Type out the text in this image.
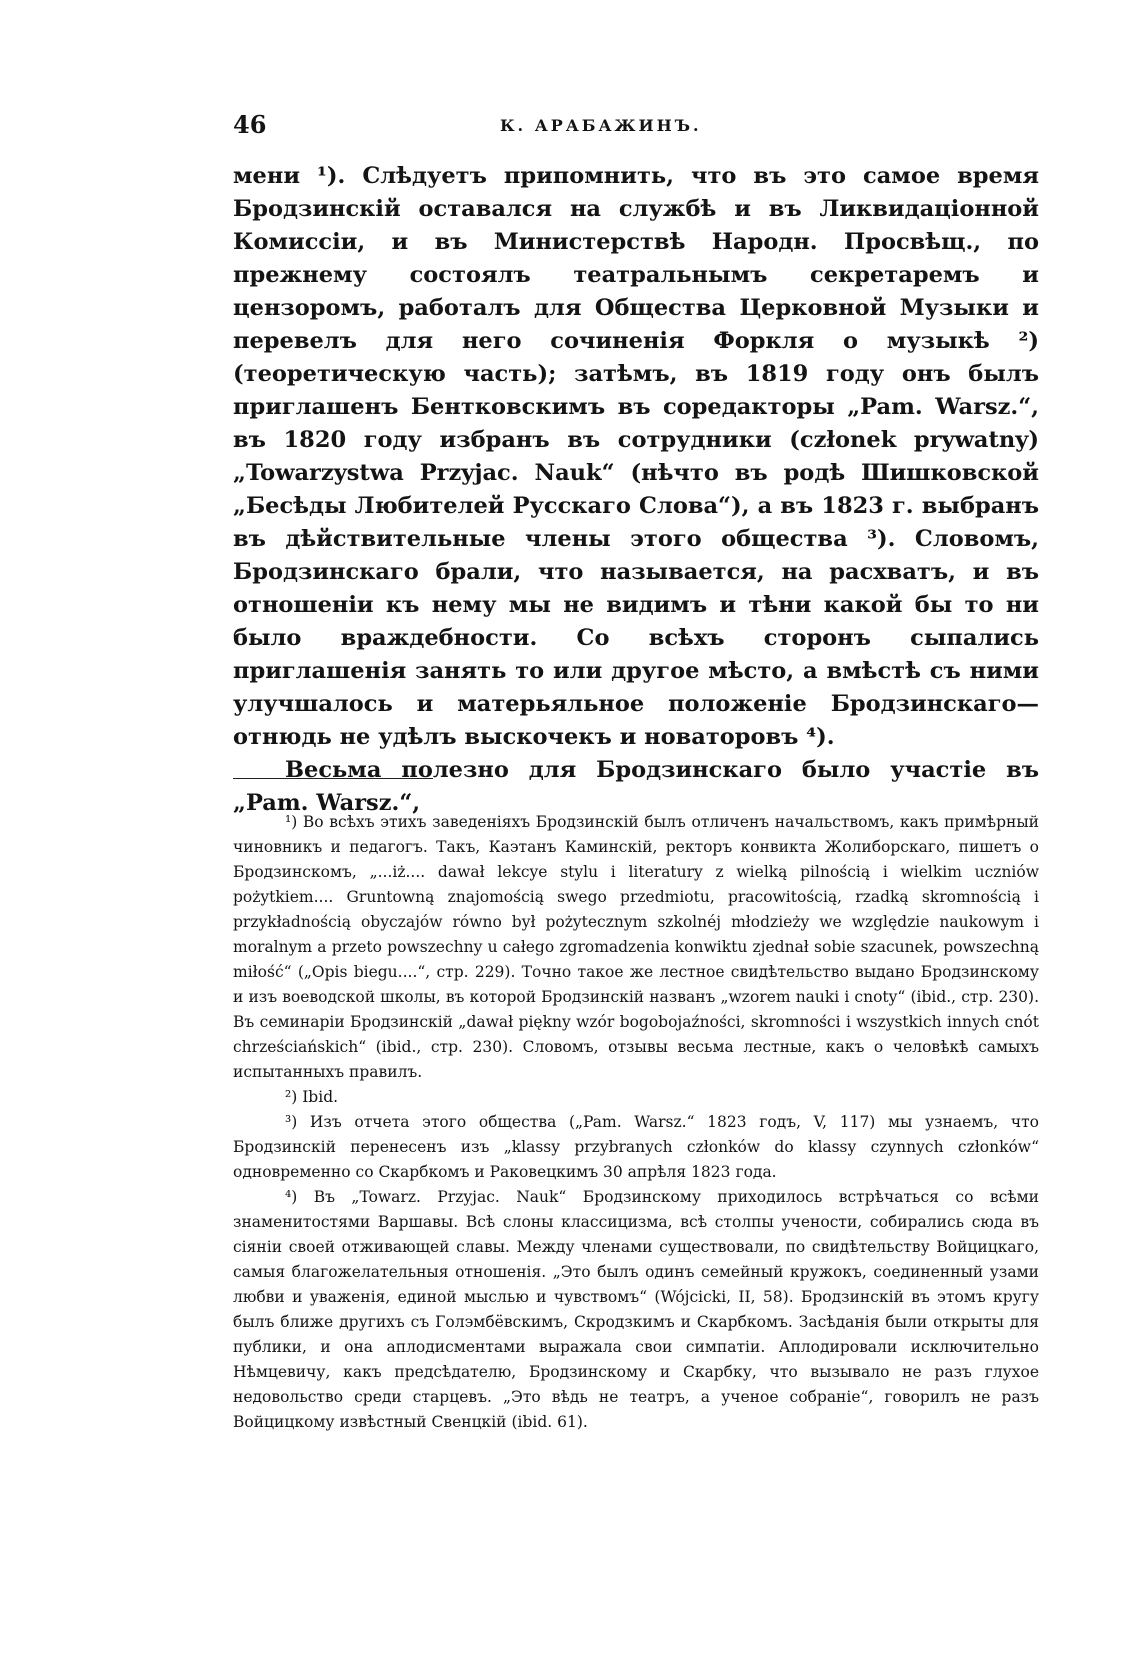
46	К. АРАБАЖИНЪ.

мени ¹). Слѣдуетъ припомнить, что въ это самое время Бродзинскій оставался на службѣ и въ Ликвидаціонной Комиссіи, и въ Министерствѣ Народн. Просвѣщ., по прежнему состоялъ театральнымъ секретаремъ и цензоромъ, работалъ для Общества Церковной Музыки и перевелъ для него сочиненія Форкля о музыкѣ ²) (теоретическую часть); затѣмъ, въ 1819 году онъ былъ приглашенъ Бентковскимъ въ соредакторы „Pam. Warsz.“, въ 1820 году избранъ въ сотрудники (członek prywatny) „Towarzystwa Przyjac. Nauk“ (нѣчто въ родѣ Шишковской „Бесѣды Любителей Русскаго Слова“), а въ 1823 г. выбранъ въ дѣйствительные члены этого общества ³). Словомъ, Бродзинскаго брали, что называется, на расхватъ, и въ отношеніи къ нему мы не видимъ и тѣни какой бы то ни было враждебности. Со всѣхъ сторонъ сыпались приглашенія занять то или другое мѣсто, а вмѣстѣ съ ними улучшалось и матерьяльное положеніе Бродзинскаго—отнюдь не удѣлъ выскочекъ и новаторовъ ⁴).

Весьма полезно для Бродзинскаго было участіе въ „Pam. Warsz.“,

¹) Во всѣхъ этихъ заведеніяхъ Бродзинскій былъ отличенъ начальствомъ, какъ примѣрный чиновникъ и педагогъ. Такъ, Каэтанъ Каминскій, ректоръ конвикта Жолиборскаго, пишетъ о Бродзинскомъ, „...iż.... dawał lekcye stylu i literatury z wielką pilnością i wielkim uczniów pożytkiem.... Gruntowną znajomością swego przedmiotu, pracowitością, rzadką skromnością i przykładnością obyczajów równo był pożytecznym szkolnéj młodzieży we względzie naukowym i moralnym a przeto powszechny u całego zgromadzenia konwiktu zjednał sobie szacunek, powszechną miłość“ („Opis biegu....“, стр. 229). Точно такое же лестное свидѣтельство выдано Бродзинскому и изъ воеводской школы, въ которой Бродзинскій названъ „wzorem nauki i cnoty“ (ibid., стр. 230). Въ семинаріи Бродзинскій „dawał piękny wzór bogobojaźności, skromności i wszystkich innych cnót chrześciańskich“ (ibid., стр. 230). Словомъ, отзывы весьма лестные, какъ о человѣкѣ самыхъ испытанныхъ правилъ.

²) Ibid.

³) Изъ отчета этого общества („Pam. Warsz.“ 1823 годъ, V, 117) мы узнаемъ, что Бродзинскій перенесенъ изъ „klassy przybranych członków do klassy czynnych członków“ одновременно со Скарбкомъ и Раковецкимъ 30 апрѣля 1823 года.

⁴) Въ „Towarz. Przyjac. Nauk“ Бродзинскому приходилось встрѣчаться со всѣми знаменитостями Варшавы. Всѣ слоны классицизма, всѣ столпы учености, собирались сюда въ сіяніи своей отживающей славы. Между членами существовали, по свидѣтельству Войцицкаго, самыя благожелательныя отношенія. „Это былъ одинъ семейный кружокъ, соединенный узами любви и уваженія, единой мыслью и чувствомъ“ (Wójcicki, II, 58). Бродзинскій въ этомъ кругу былъ ближе другихъ съ Голэмбёвскимъ, Скродзкимъ и Скарбкомъ. Засѣданія были открыты для публики, и она аплодисментами выражала свои симпатіи. Аплодировали исключительно Нѣмцевичу, какъ предсѣдателю, Бродзинскому и Скарбку, что вызывало не разъ глухое недовольство среди старцевъ. „Это вѣдь не театръ, а ученое собраніе“, говорилъ не разъ Войцицкому извѣстный Свенцкій (ibid. 61).
